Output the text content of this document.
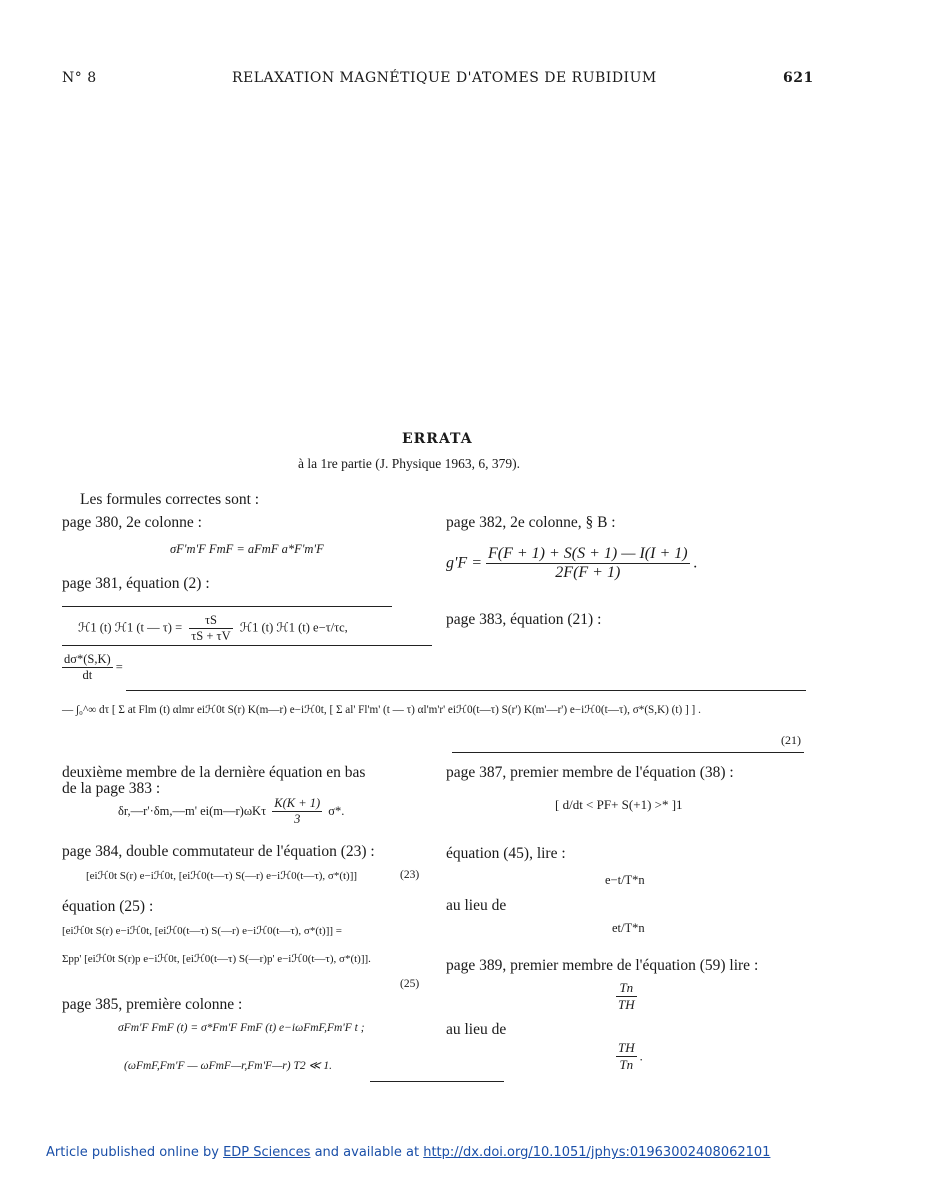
N° 8	RELAXATION MAGNÉTIQUE D'ATOMES DE RUBIDIUM	621
ERRATA
à la 1re partie (J. Physique 1963, 6, 379).
Les formules correctes sont :
page 380, 2e colonne :
σF'm'F FmF = aFmF a*F'm'F
page 381, équation (2) :
ℋ1 (t) ℋ1 (t — $\tau) = \frac{\tau S}{\tau S + \tau V}$ ℋ1 (t) ℋ1 (t) e−τ/τc,
page 382, 2e colonne, § B :
$g'F = \frac{F(F + 1) + S(S + 1) — I(I + 1)}{2F(F + 1)}$ .
page 383, équation (21) :
$\frac{d\sigma*(S,K)}{dt}$ =
— ∫₀^∞ dτ [ Σ at Flm (t) αlmr eiℋ0t S(r) K(m—r) e−iℋ0t, [ Σ al' Fl'm' (t — τ) αl'm'r' eiℋ0(t—τ) S(r') K(m'—r') e−iℋ0(t—τ), σ*(S,K) (t) ] ] .
(21)
deuxième membre de la dernière équation en bas
de la page 383 :
δr,—r'·δm,—m' ei(m—r)ωKτ $\frac{K(K + 1)}{3} \sigma*$.
page 384, double commutateur de l'équation (23) :
[eiℋ0t S(r) e−iℋ0t, [eiℋ0(t—τ) S(—r) e−iℋ0(t—τ), σ*(t)]]	(23)
équation (25) :
[eiℋ0t S(r) e−iℋ0t, [eiℋ0(t—τ) S(—r) e−iℋ0(t—τ), σ*(t)]] =
Σpp' [eiℋ0t S(r)p e−iℋ0t, [eiℋ0(t—τ) S(—r)p' e−iℋ0(t—τ), σ*(t)]].
(25)
page 385, première colonne :
σFm'F FmF (t) = σ*Fm'F FmF (t) e−iωFmF,Fm'F t ;
(ωFmF,Fm'F — ωFmF—r,Fm'F—r) T2 ≪ 1.
page 387, premier membre de l'équation (38) :
[ d/dt < PF+ S(+1) >* ]1
équation (45), lire :
e−t/T*n
au lieu de
et/T*n
page 389, premier membre de l'équation (59) lire :
$\frac{Tn}{TH}$
au lieu de
$\frac{TH}{Tn}$ .
Article published online by EDP Sciences and available at http://dx.doi.org/10.1051/jphys:01963002408062101
